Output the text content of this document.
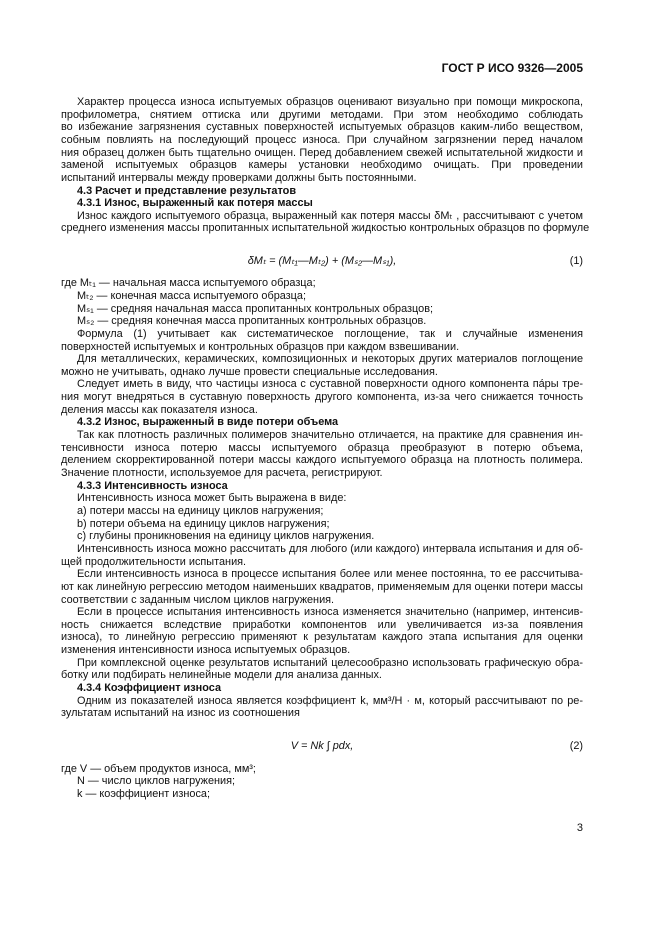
ГОСТ Р ИСО 9326—2005
Характер процесса износа испытуемых образцов оценивают визуально при помощи микроскопа,
профилометра, снятием оттиска или другими методами. При этом необходимо соблюдать
во избежание загрязнения суставных поверхностей испытуемых образцов каким-либо веществом,
собным повлиять на последующий процесс износа. При случайном загрязнении перед началом
ния образец должен быть тщательно очищен. Перед добавлением свежей испытательной жидкости и
заменой испытуемых образцов камеры установки необходимо очищать. При проведении
испытаний интервалы между проверками должны быть постоянными.
4.3 Расчет и представление результатов
4.3.1 Износ, выраженный как потеря массы
Износ каждого испытуемого образца, выраженный как потеря массы δMₜ , рассчитывают с учетом
среднего изменения массы пропитанных испытательной жидкостью контрольных образцов по формуле
δMₜ = (Mₜ₁—Mₜ₂) + (Mₛ₂—Mₛ₁),	(1)
где Mₜ₁ — начальная масса испытуемого образца;
Mₜ₂ — конечная масса испытуемого образца;
Mₛ₁ — средняя начальная масса пропитанных контрольных образцов;
Mₛ₂ — средняя конечная масса пропитанных контрольных образцов.
Формула (1) учитывает как систематическое поглощение, так и случайные изменения
поверхностей испытуемых и контрольных образцов при каждом взвешивании.
Для металлических, керамических, композиционных и некоторых других материалов поглощение
можно не учитывать, однако лучше провести специальные исследования.
Следует иметь в виду, что частицы износа с суставной поверхности одного компонента па́ры тре-
ния могут внедряться в суставную поверхность другого компонента, из-за чего снижается точность
деления массы как показателя износа.
4.3.2 Износ, выраженный в виде потери объема
Так как плотность различных полимеров значительно отличается, на практике для сравнения ин-
тенсивности износа потерю массы испытуемого образца преобразуют в потерю объема,
делением скорректированной потери массы каждого испытуемого образца на плотность полимера.
Значение плотности, используемое для расчета, регистрируют.
4.3.3 Интенсивность износа
Интенсивность износа может быть выражена в виде:
a) потери массы на единицу циклов нагружения;
b) потери объема на единицу циклов нагружения;
c) глубины проникновения на единицу циклов нагружения.
Интенсивность износа можно рассчитать для любого (или каждого) интервала испытания и для об-
щей продолжительности испытания.
Если интенсивность износа в процессе испытания более или менее постоянна, то ее рассчитыва-
ют как линейную регрессию методом наименьших квадратов, применяемым для оценки потери массы
соответствии с заданным числом циклов нагружения.
Если в процессе испытания интенсивность износа изменяется значительно (например, интенсив-
ность снижается вследствие приработки компонентов или увеличивается из-за появления
износа), то линейную регрессию применяют к результатам каждого этапа испытания для оценки
изменения интенсивности износа испытуемых образцов.
При комплексной оценке результатов испытаний целесообразно использовать графическую обра-
ботку или подбирать нелинейные модели для анализа данных.
4.3.4 Коэффициент износа
Одним из показателей износа является коэффициент k, мм³/Н · м, который рассчитывают по ре-
зультатам испытаний на износ из соотношения
V = Nk ∫ pdx,	(2)
где V — объем продуктов износа, мм³;
N — число циклов нагружения;
k — коэффициент износа;
3
